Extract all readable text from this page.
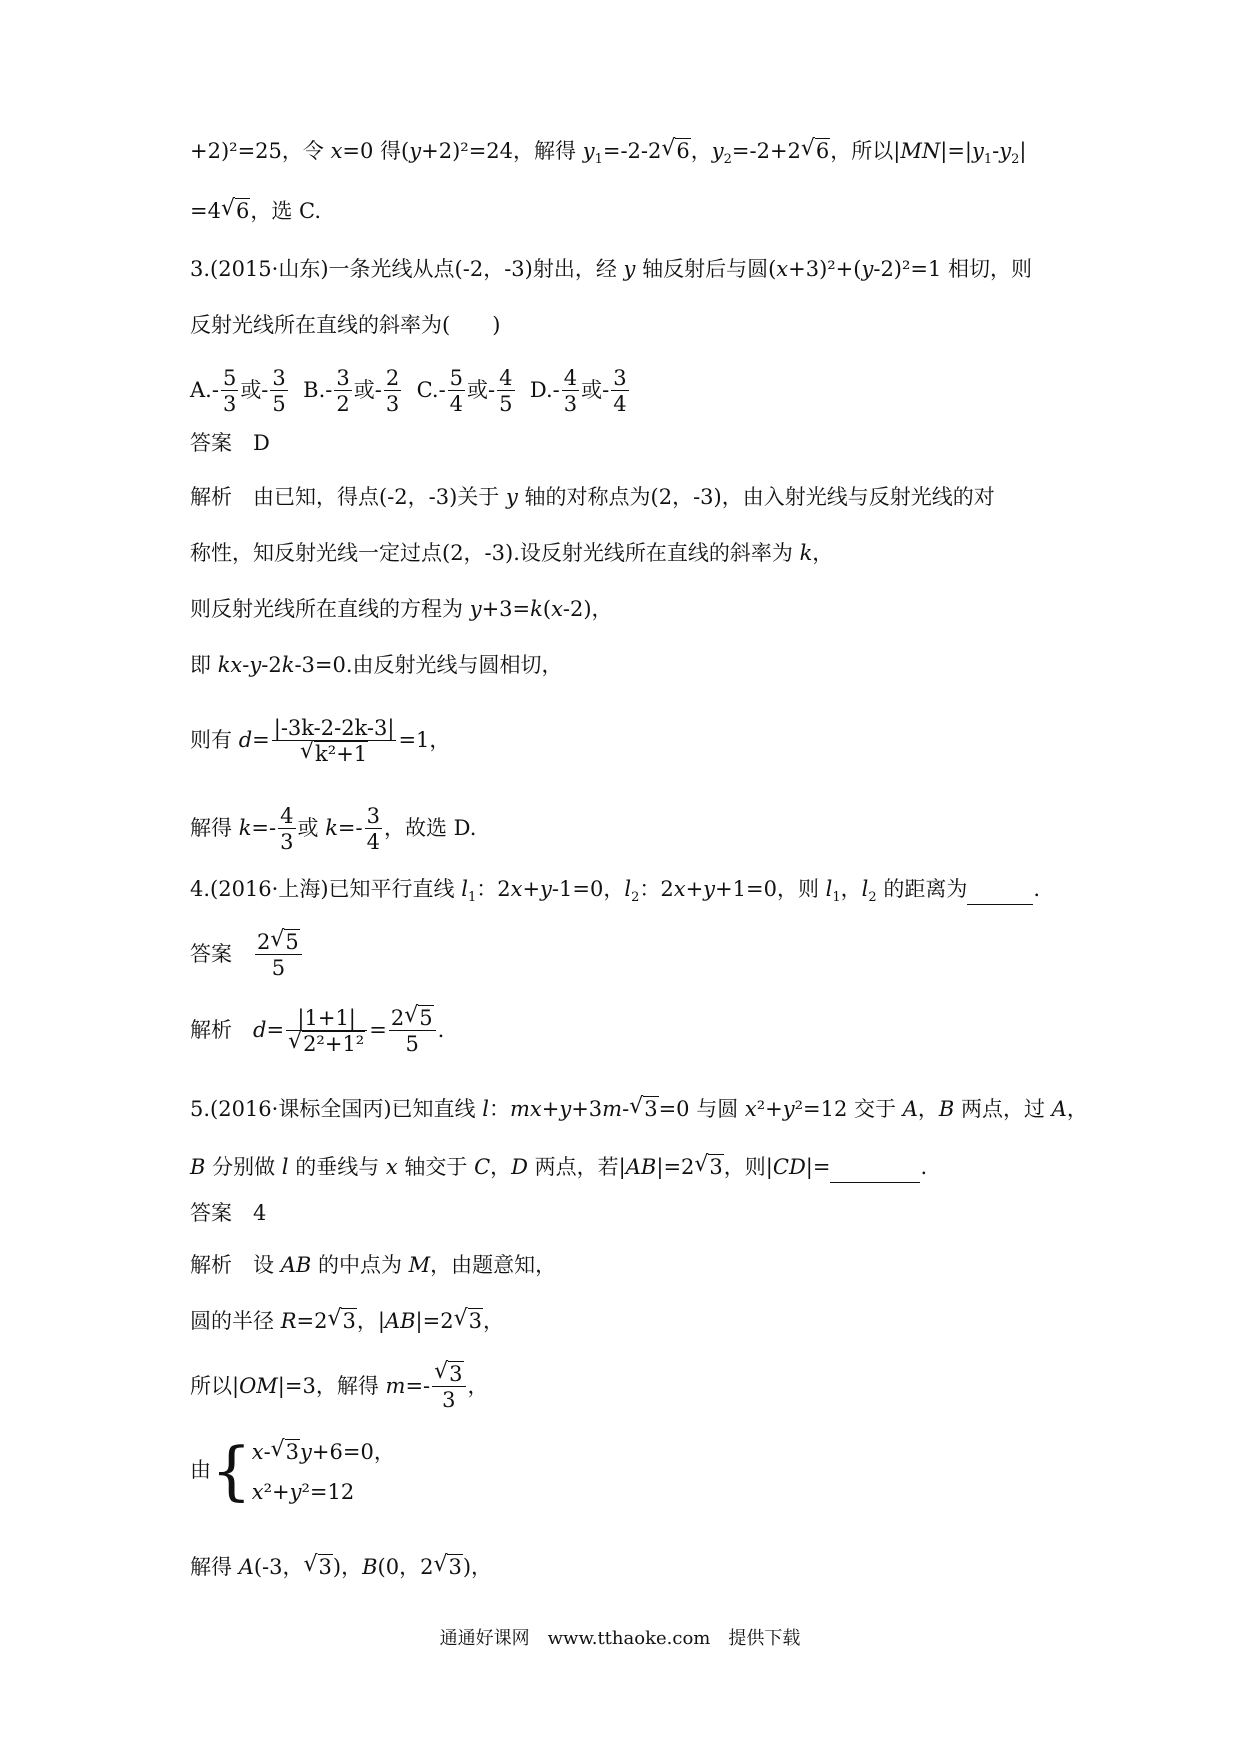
+2)²=25，令 x=0 得(y+2)²=24，解得 $y_1=-2-2$ √ 6，$y_2=-2+2$ √ 6，所以$|MN|=|y_1-y_2|$
=4 √ 6，选 C.
3.(2015·山东)一条光线从点(-2，-3)射出，经 y 轴反射后与圆(x+3)²+(y-2)²=1 相切，则
反射光线所在直线的斜率为(　　)
$A.- \frac{5}{3}$ 或- $\frac{3}{5} B.- \frac{3}{2}$ 或- $\frac{2}{3} C.- \frac{5}{4}$ 或- $\frac{4}{5} D.- \frac{4}{3}$ 或- $\frac{3}{4}$
答案　D
解析　由已知，得点(-2，-3)关于 y 轴的对称点为(2，-3)，由入射光线与反射光线的对
称性，知反射光线一定过点(2，-3).设反射光线所在直线的斜率为 k，
则反射光线所在直线的方程为 y+3=k(x-2)，
即 kx-y-2k-3=0.由反射光线与圆相切，
则有 $d= \frac{|-3k-2-2k-3|}{\text{√ k²+1}} =1$，
解得 $k=- \frac{4}{3}$ 或 $k=- \frac{3}{4}$ ，故选 D.
4.(2016·上海)已知平行直线 $l_1$：2x+y-1=0，$l_2$：2x+y+1=0，则 $l_1$，$l_2$ 的距离为	.
答案　 $\frac{2 √ 5}{5}$
解析　$d= \frac{|1+1|}{\text{√ 2²+1²}} = \frac{2 √ 5}{5}$ .
5.(2016·课标全国丙)已知直线 l：mx+y+3m- √ 3=0 与圆 x²+y²=12 交于 A，B 两点，过 A，
B 分别做 l 的垂线与 x 轴交于 C，D 两点，若|AB|=2 √ 3，则|CD|=	.
答案　4
解析　设 AB 的中点为 M，由题意知，
圆的半径 R=2 √ 3，|AB|=2 √ 3，
所以|OM|=3，解得 $m=- \frac{√ 3}{3}$ ，
由{ x- √ 3y+6=0，
x²+y²=12
解得 A(-3， √ 3)，B(0，2 √ 3)，
通通好课网　www.tthaoke.com　提供下载
